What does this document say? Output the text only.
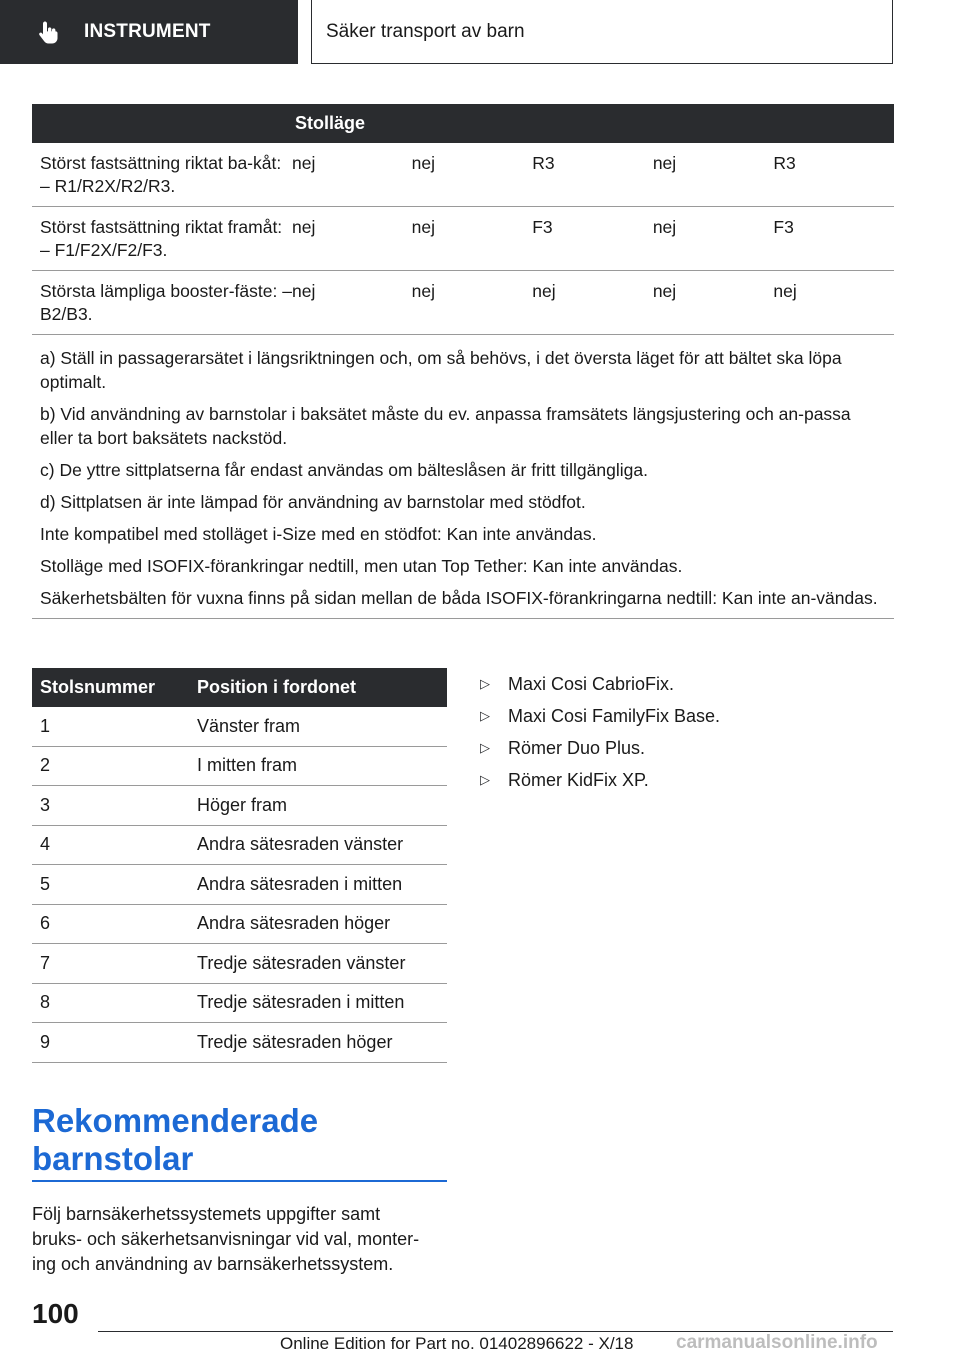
INSTRUMENT	Säker transport av barn
Stolläge
Störst fastsättning riktat ba-kåt: – R1/R2X/R2/R3.
nej	nej	R3	nej	R3
Störst fastsättning riktat framåt: – F1/F2X/F2/F3.
nej	nej	F3	nej	F3
Största lämpliga booster-fäste: – B2/B3.
nej	nej	nej	nej	nej

a) Ställ in passagerarsätet i längsriktningen och, om så behövs, i det översta läget för att bältet ska löpa optimalt.

b) Vid användning av barnstolar i baksätet måste du ev. anpassa framsätets längsjustering och an-passa eller ta bort baksätets nackstöd.

c) De yttre sittplatserna får endast användas om bälteslåsen är fritt tillgängliga.

d) Sittplatsen är inte lämpad för användning av barnstolar med stödfot.

Inte kompatibel med stolläget i-Size med en stödfot: Kan inte användas.

Stolläge med ISOFIX-förankringar nedtill, men utan Top Tether: Kan inte användas.

Säkerhetsbälten för vuxna finns på sidan mellan de båda ISOFIX-förankringarna nedtill: Kan inte an-vändas.

Stolsnummer	Position i fordonet
1	Vänster fram
2	I mitten fram
3	Höger fram
4	Andra sätesraden vänster
5	Andra sätesraden i mitten
6	Andra sätesraden höger
7	Tredje sätesraden vänster
8	Tredje sätesraden i mitten
9	Tredje sätesraden höger
▷	Maxi Cosi CabrioFix.
▷	Maxi Cosi FamilyFix Base.
▷	Römer Duo Plus.
▷	Römer KidFix XP.
Rekommenderade
barnstolar
Följ barnsäkerhetssystemets uppgifter samt
bruks- och säkerhetsanvisningar vid val, monter-
ing och användning av barnsäkerhetssystem.
100
Online Edition for Part no. 01402896622 - X/18 carmanualsonline.info
